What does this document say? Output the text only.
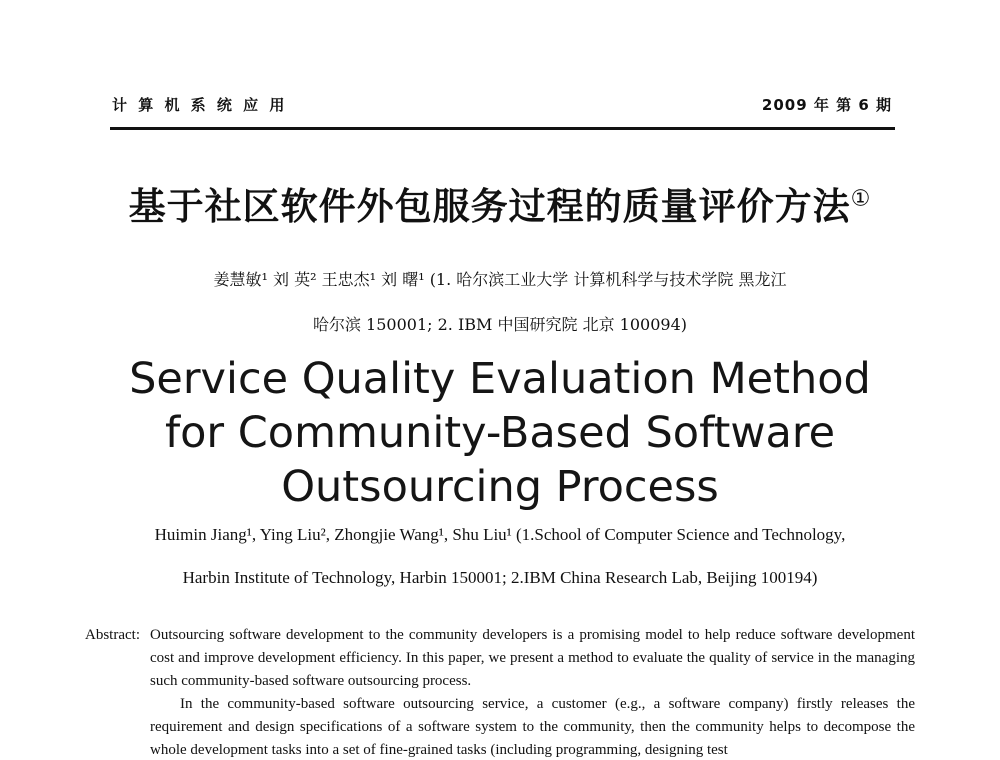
计 算 机 系 统 应 用	2009 年 第 6 期
基于社区软件外包服务过程的质量评价方法①
姜慧敏¹ 刘 英² 王忠杰¹ 刘 曙¹ (1. 哈尔滨工业大学 计算机科学与技术学院 黑龙江
哈尔滨 150001; 2. IBM 中国研究院 北京 100094)
Service Quality Evaluation Method
for Community-Based Software
Outsourcing Process
Huimin Jiang¹, Ying Liu², Zhongjie Wang¹, Shu Liu¹ (1.School of Computer Science and Technology,
Harbin Institute of Technology, Harbin 150001; 2.IBM China Research Lab, Beijing 100194)
Abstract: Outsourcing software development to the community developers is a promising model to help reduce software development cost and improve development efficiency. In this paper, we present a method to evaluate the quality of service in the managing such community-based software outsourcing process.

In the community-based software outsourcing service, a customer (e.g., a software company) firstly releases the requirement and design specifications of a software system to the community, then the community helps to decompose the whole development tasks into a set of fine-grained tasks (including programming, designing test
